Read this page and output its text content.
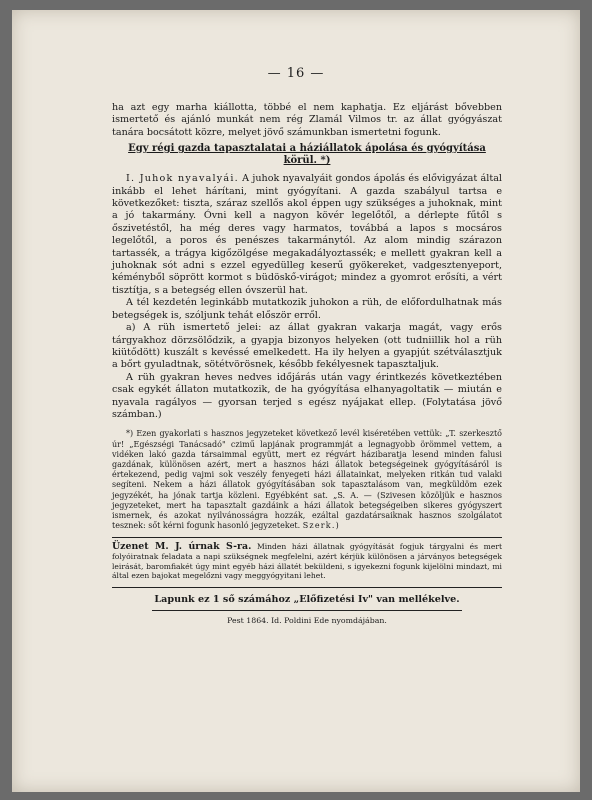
— 16 —

ha azt egy marha kiállotta, többé el nem kaphatja. Ez eljárást bővebben ismertető és ajánló munkát nem rég Zlamál Vilmos tr. az állat gyógyászat tanára bocsátott közre, melyet jövő számunkban ismertetni fogunk.

Egy régi gazda tapasztalatai a háziállatok ápolása és gyógyítása körül. *)

I. Juhok nyavalyái. A juhok nyavalyáit gondos ápolás és elővigyázat által inkább el lehet hárítani, mint gyógyítani. A gazda szabályul tartsa e következőket: tiszta, száraz szellős akol éppen ugy szükséges a juhoknak, mint a jó takarmány. Óvni kell a nagyon kövér legelőtől, a dérlepte fűtől s őszivetéstől, ha még deres vagy harmatos, továbbá a lapos s mocsáros legelőtől, a poros és penészes takarmánytól. Az alom mindig szárazon tartassék, a trágya kigőzölgése megakadályoztassék; e mellett gyakran kell a juhoknak sót adni s ezzel egyedülleg keserű gyökereket, vadgesztenyeport, kéményből söprött kormot s büdöskő-virágot; mindez a gyomrot erősíti, a vért tisztítja, s a betegség ellen óvszerül hat.

A tél kezdetén leginkább mutatkozik juhokon a rüh, de előfordulhatnak más betegségek is, szóljunk tehát először erről.

a) A rüh ismertető jelei: az állat gyakran vakarja magát, vagy erős tárgyakhoz dörzsölődzik, a gyapja bizonyos helyeken (ott tudniillik hol a rüh kiütődött) kuszált s kevéssé emelkedett. Ha ily helyen a gyapjút szétválasztjuk a bőrt gyuladtnak, sötétvörösnek, később fekélyesnek tapasztaljuk.

A rüh gyakran heves nedves időjárás után vagy érintkezés következtében csak egykét állaton mutatkozik, de ha gyógyítása elhanyagoltatik — miután e nyavala ragályos — gyorsan terjed s egész nyájakat ellep. (Folytatása jövő számban.)

*) Ezen gyakorlati s hasznos jegyzeteket következő levél kiséretében vettük: „T. szerkesztő úr! „Egészségi Tanácsadó" czimű lapjának programmját a legnagyobb örömmel vettem, a vidéken lakó gazda társaimmal együtt, mert ez régvárt házibaratja lesend minden falusi gazdának, különösen azért, mert a hasznos házi állatok betegségeinek gyógyításáról is értekezend, pedig vajmi sok veszély fenyegeti házi állatainkat, melyeken ritkán tud valaki segíteni. Nekem a házi állatok gyógyításában sok tapasztalásom van, megküldöm ezek jegyzékét, ha jónak tartja közleni. Egyébként sat. „S. A. — (Szivesen közöljük e hasznos jegyzeteket, mert ha tapasztalt gazdáink a házi állatok betegségeiben sikeres gyógyszert ismernek, és azokat nyilvánosságra hozzák, ezáltal gazdatársaiknak hasznos szolgálatot tesznek: sőt kérni fogunk hasonló jegyzeteket. Szerk.)

Üzenet M. J. úrnak S-ra. Minden házi állatnak gyógyítását fogjuk tárgyalni és mert folyóiratnak feladata a napi szükségnek megfelelni, azért kérjük különösen a járványos betegségek leirását, baromfiakét úgy mint egyéb házi állatét beküldeni, s igyekezni fogunk kijelölni mindazt, mi által ezen bajokat megelőzni vagy meggyógyitani lehet.

Lapunk ez 1 ső számához „Előfizetési Iv" van mellékelve.
Pest 1864. Id. Poldini Ede nyomdájában.
